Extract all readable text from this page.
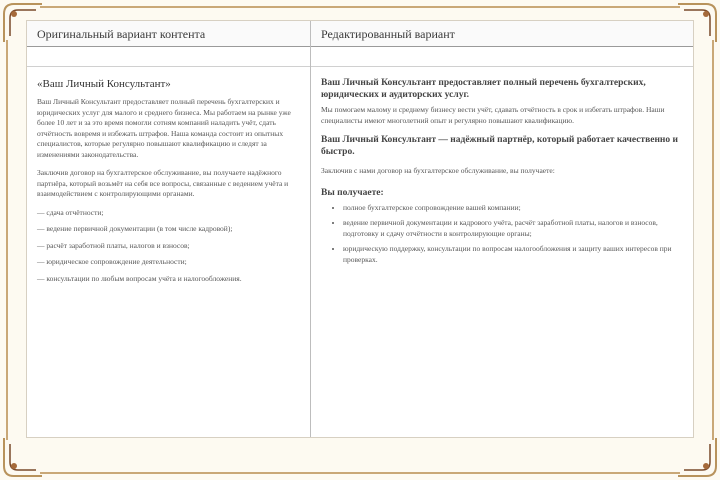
Оригинальный вариант контента
«Ваш Личный Консультант»
Ваш Личный Консультант предоставляет полный перечень бухгалтерских и юридических услуг для малого и среднего бизнеса. Мы работаем на рынке уже более 10 лет и за это время помогли сотням компаний наладить учёт, сдать отчётность вовремя и избежать штрафов. Наша команда состоит из опытных специалистов, которые регулярно повышают квалификацию и следят за изменениями законодательства.
Заключив договор на бухгалтерское обслуживание, вы получаете надёжного партнёра, который возьмёт на себя все вопросы, связанные с ведением учёта и взаимодействием с контролирующими органами.
— сдача отчётности;
— ведение первичной документации (в том числе кадровой);
— расчёт заработной платы, налогов и взносов;
— юридическое сопровождение деятельности;
— консультации по любым вопросам учёта и налогообложения.
Редактированный вариант
Ваш Личный Консультант предоставляет полный перечень бухгалтерских, юридических и аудиторских услуг.
Мы помогаем малому и среднему бизнесу вести учёт, сдавать отчётность в срок и избегать штрафов. Наши специалисты имеют многолетний опыт и регулярно повышают квалификацию.
Ваш Личный Консультант — надёжный партнёр, который работает качественно и быстро.
Заключив с нами договор на бухгалтерское обслуживание, вы получаете:
Вы получаете:
• полное бухгалтерское сопровождение вашей компании;
• ведение первичной документации и кадрового учёта, расчёт заработной платы, налогов и взносов, подготовку и сдачу отчётности в контролирующие органы;
• юридическую поддержку, консультации по вопросам налогообложения и защиту ваших интересов при проверках.
